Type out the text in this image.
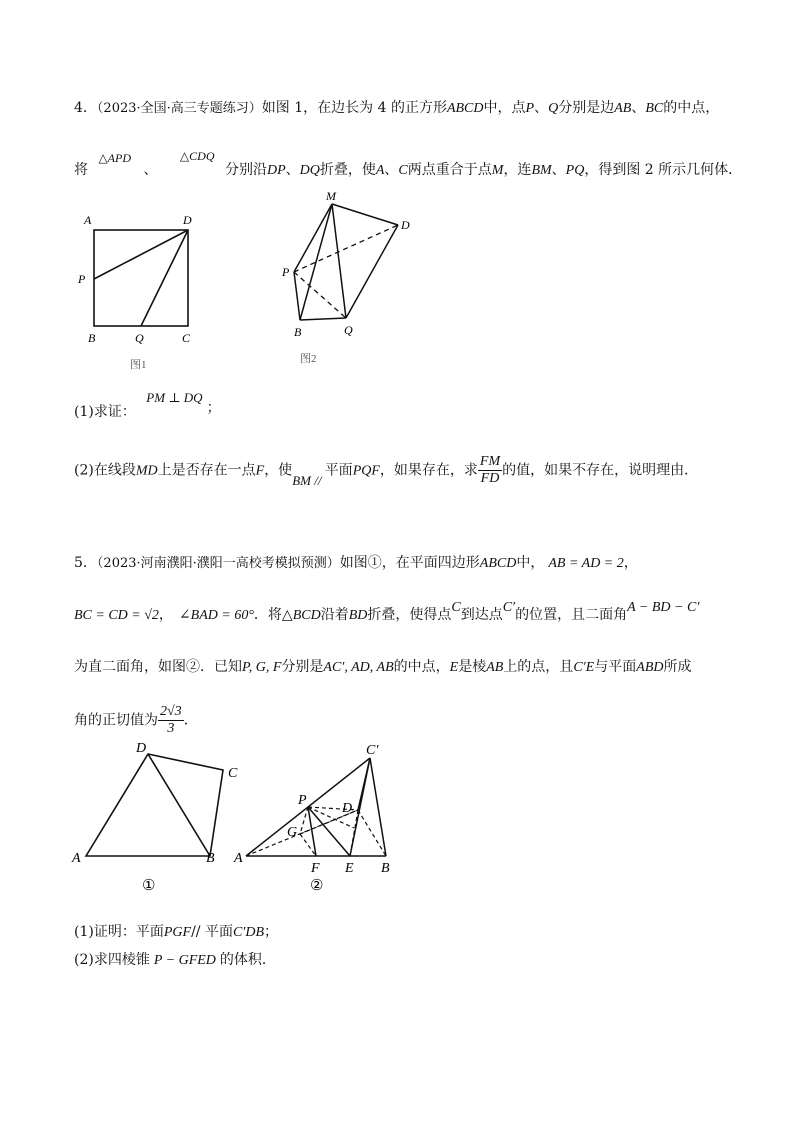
4．（2023·全国·高三专题练习）如图 1，在边长为 4 的正方形ABCD中，点P、Q分别是边AB、BC的中点，
将 △APD 、 △CDQ 分别沿DP、DQ折叠，使A、C两点重合于点M，连BM、PQ，得到图 2 所示几何体．
A	D
P
B	Q	C
图1
M
D
P
B	Q
图2
(1)求证： PM ⊥ DQ；
(2)在线段MD上是否存在一点F，使BM // 平面PQF，如果存在，求 $\frac{FM}{FD}$ 的值，如果不存在，说明理由．
5．（2023·河南濮阳·濮阳一高校考模拟预测）如图①，在平面四边形ABCD中， AB = AD = 2，
BC = CD = √2， ∠BAD = 60°．将△BCD沿着BD折叠，使得点C到达点C′的位置，且二面角A − BD − C′
为直二面角，如图②．已知P, G, F分别是AC′, AD, AB的中点，E是棱AB上的点，且C′E与平面ABD所成
角的正切值为 $\frac{2√3}{3}$ ．
D
C
A	B
①
C′
P
D
G
A
F E B
②
(1)证明：平面PGF// 平面C′DB；
(2)求四棱锥 P − GFED 的体积．
